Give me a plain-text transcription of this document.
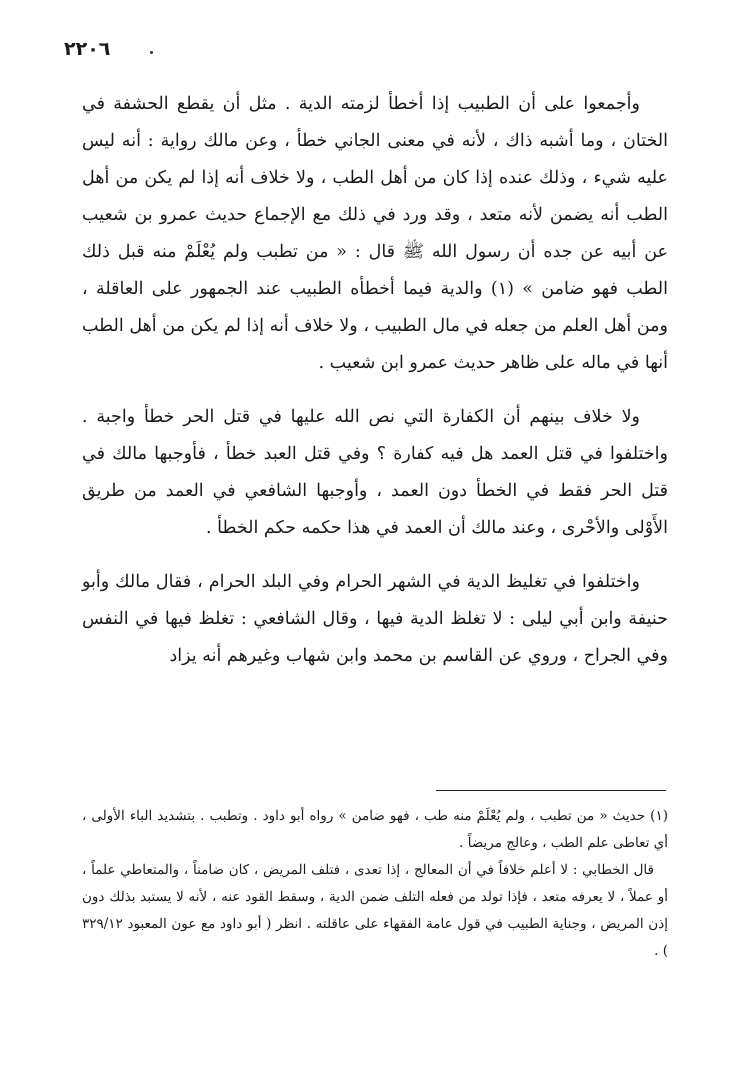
٢٢٠٦

وأجمعوا على أن الطبيب إذا أخطأ لزمته الدية . مثل أن يقطع الحشفة في الختان ، وما أشبه ذاك ، لأنه في معنى الجاني خطأ ، وعن مالك رواية : أنه ليس عليه شيء ، وذلك عنده إذا كان من أهل الطب ، ولا خلاف أنه إذا لم يكن من أهل الطب أنه يضمن لأنه متعد ، وقد ورد في ذلك مع الإجماع حديث عمرو بن شعيب عن أبيه عن جده أن رسول الله ﷺ قال : « من تطبب ولم يُعْلَمْ منه قبل ذلك الطب فهو ضامن » (١) والدية فيما أخطأه الطبيب عند الجمهور على العاقلة ، ومن أهل العلم من جعله في مال الطبيب ، ولا خلاف أنه إذا لم يكن من أهل الطب أنها في ماله على ظاهر حديث عمرو ابن شعيب .

ولا خلاف بينهم أن الكفارة التي نص الله عليها في قتل الحر خطأ واجبة . واختلفوا في قتل العمد هل فيه كفارة ؟ وفي قتل العبد خطأ ، فأوجبها مالك في قتل الحر فقط في الخطأ دون العمد ، وأوجبها الشافعي في العمد من طريق الأَوْلى والأحْرى ، وعند مالك أن العمد في هذا حكمه حكم الخطأ .

واختلفوا في تغليظ الدية في الشهر الحرام وفي البلد الحرام ، فقال مالك وأبو حنيفة وابن أبي ليلى : لا تغلظ الدية فيها ، وقال الشافعي : تغلظ فيها في النفس وفي الجراح ، وروي عن القاسم بن محمد وابن شهاب وغيرهم أنه يزاد

(١) حديث « من تطبب ، ولم يُعْلَمْ منه طب ، فهو ضامن » رواه أبو داود . وتطبب . بتشديد الباء الأولى ، أي تعاطى علم الطب ، وعالج مريضاً .

قال الخطابي : لا أعلم خلافاً في أن المعالج ، إذا تعدى ، فتلف المريض ، كان ضامناً ، والمتعاطي علماً ، أو عملاً ، لا يعرفه متعد ، فإذا تولد من فعله التلف ضمن الدية ، وسقط القود عنه ، لأنه لا يستبد بذلك دون إذن المريض ، وجناية الطبيب في قول عامة الفقهاء على عاقلته . انظر ( أبو داود مع عون المعبود ٣٢٩/١٢ ) .
